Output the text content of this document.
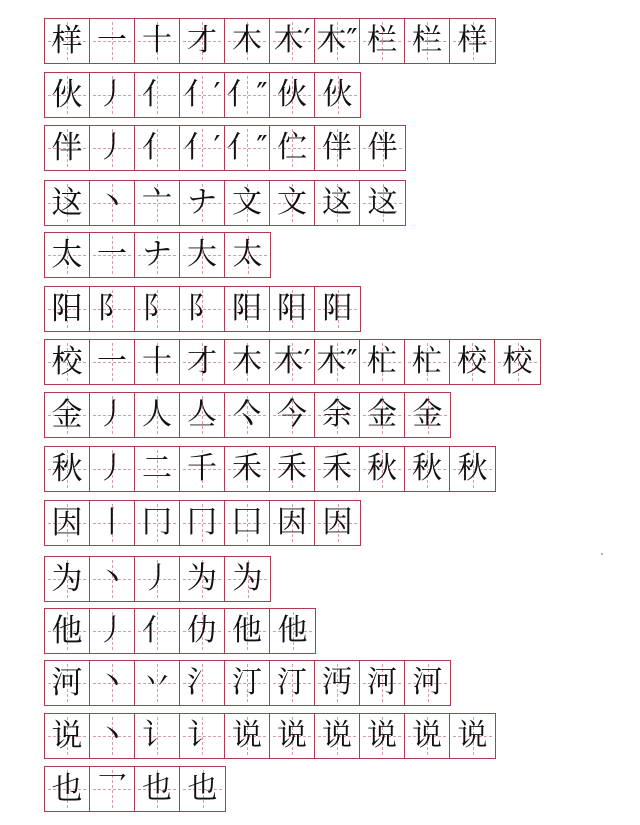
样 一 十 才 木 木′ 木″ 栏 栏 样
伙 丿 亻 亻′ 亻″ 伙 伙
伴 丿 亻 亻′ 亻″ 伫 伴 伴
这 丶 亠 ナ 文 文 这 这
太 一 ナ 大 太
阳 阝 阝 阝 阳 阳 阳
校 一 十 才 木 木′ 木″ 杧 杧 校 校
金 丿 人 亼 亽 今 余 金 金
秋 丿 二 千 禾 禾 禾 秋 秋 秋
因 丨 冂 冂 囗 因 因
为 丶 丿 为 为
他 丿 亻 仂 他 他
河 丶 丷 氵 汀 汀 沔 河 河
说 丶 讠 讠 说 说 说 说 说 说
也 乛 也 也
